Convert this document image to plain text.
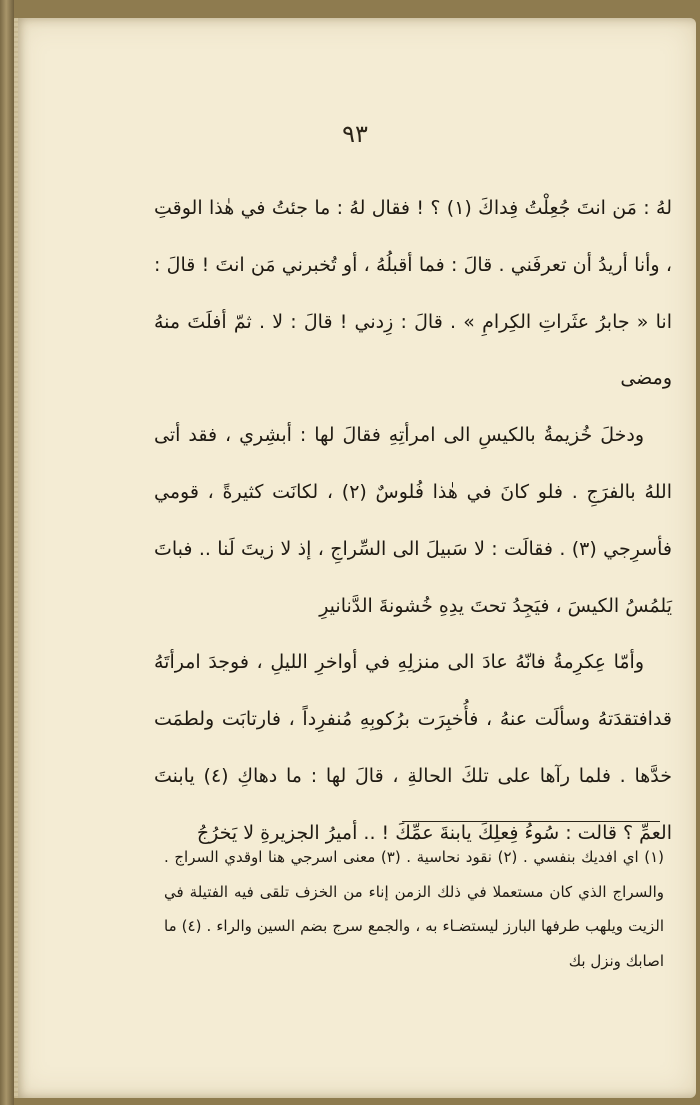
٩٣

لهُ : مَن انتَ جُعِلْتُ فِداكَ (١) ؟ ! فقال لهُ : ما جئتُ في هٰذا الوقتِ ، وأنا أريدُ أن تعرفَني . قالَ : فما أقبلُهُ ، أو تُخبرني مَن انتَ ! قالَ : انا « جابرُ عثَراتِ الكِرامِ » . قالَ : زِدني ! قالَ : لا . ثمّ أفلَتَ منهُ ومضى

ودخلَ خُزيمةُ بالكيسِ الى امرأتِهِ فقالَ لها : أبشِري ، فقد أتى اللهُ بالفرَجِ . فلو كانَ في هٰذا فُلوسٌ (٢) ، لكانَت كثيرةً ، قومي فأسرِجي (٣) . فقالَت : لا سَبيلَ الى السِّراجِ ، إذ لا زيتَ لَنا .. فباتَ يَلمُسُ الكيسَ ، فيَجِدُ تحتَ يدِهِ خُشونةَ الدَّنانيرِ

وأمّا عِكرِمةُ فانّهُ عادَ الى منزلِهِ في أواخرِ الليلِ ، فوجدَ امرأتَهُ قدافتقدَتهُ وسألَت عنهُ ، فأُخبِرَت برُكوبِهِ مُنفرِداً ، فارتابَت ولطمَت خدَّها . فلما رآها على تلكَ الحالةِ ، قالَ لها : ما دهاكِ (٤) يابنتَ العمِّ ؟ قالت : سُوءُ فِعلِكَ يابنةَ عمِّكَ ! .. أميرُ الجزيرةِ لا يَخرُجُ

(١) اي افديك بنفسي . (٢) نقود نحاسية . (٣) معنى اسرجي هنا اوقدي السراج . والسراج الذي كان مستعملا في ذلك الزمن إناء من الخزف تلقى فيه الفتيلة في الزيت ويلهب طرفها البارز ليستضـاء به ، والجمع سرج بضم السين والراء . (٤) ما اصابك ونزل بك
